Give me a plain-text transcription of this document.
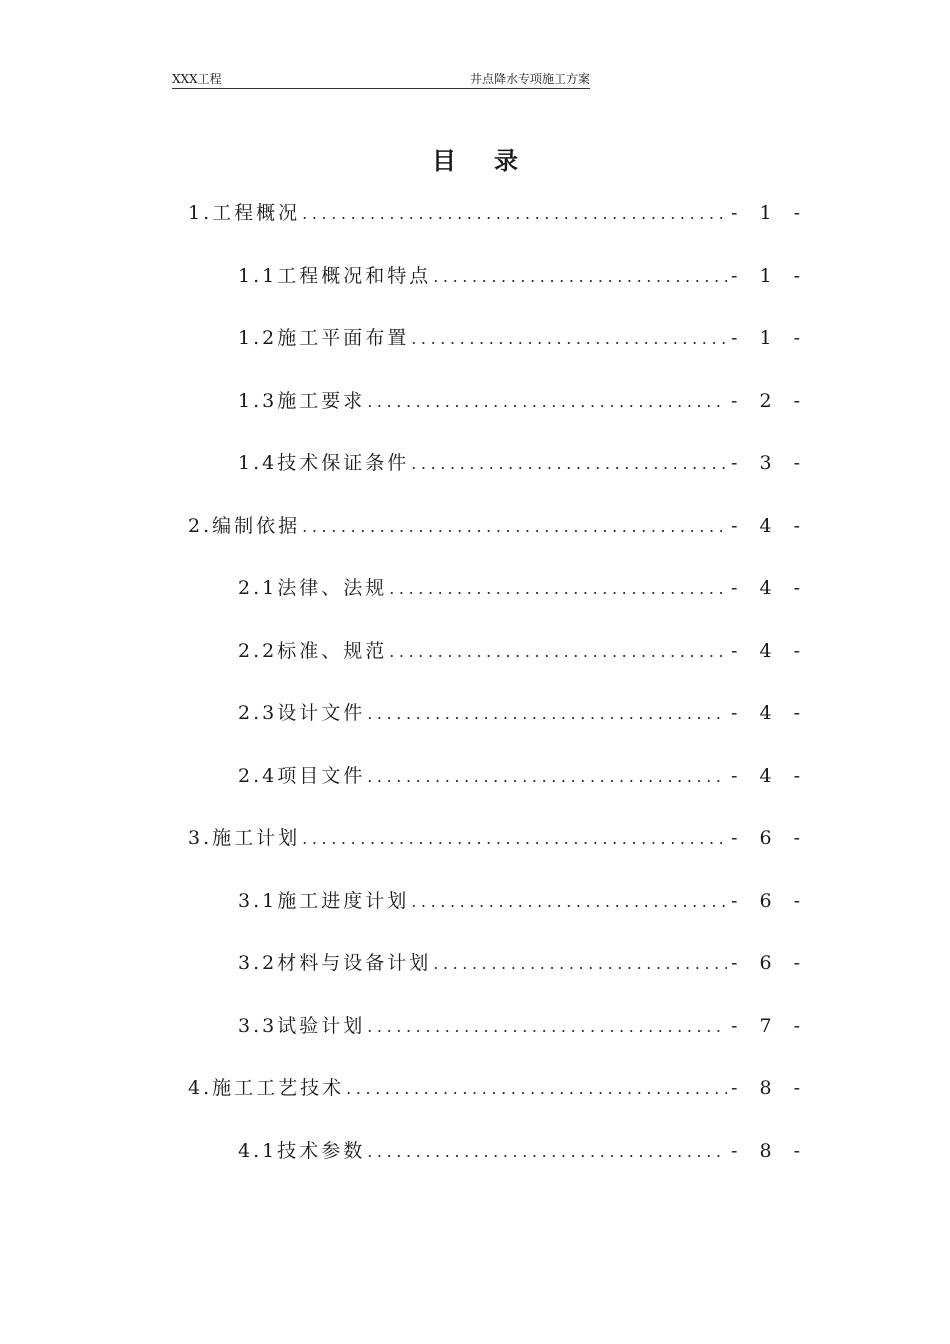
XXX工程	井点降水专项施工方案
目录
1.工程概况 .....	- 1 -
1.1工程概况和特点 .....	- 1 -
1.2施工平面布置 .....	- 1 -
1.3施工要求 .....	- 2 -
1.4技术保证条件 .....	- 3 -
2.编制依据 .....	- 4 -
2.1法律、法规 .....	- 4 -
2.2标准、规范 .....	- 4 -
2.3设计文件 .....	- 4 -
2.4项目文件 .....	- 4 -
3.施工计划 .....	- 6 -
3.1施工进度计划 .....	- 6 -
3.2材料与设备计划 .....	- 6 -
3.3试验计划 .....	- 7 -
4.施工工艺技术 .....	- 8 -
4.1技术参数 .....	- 8 -
